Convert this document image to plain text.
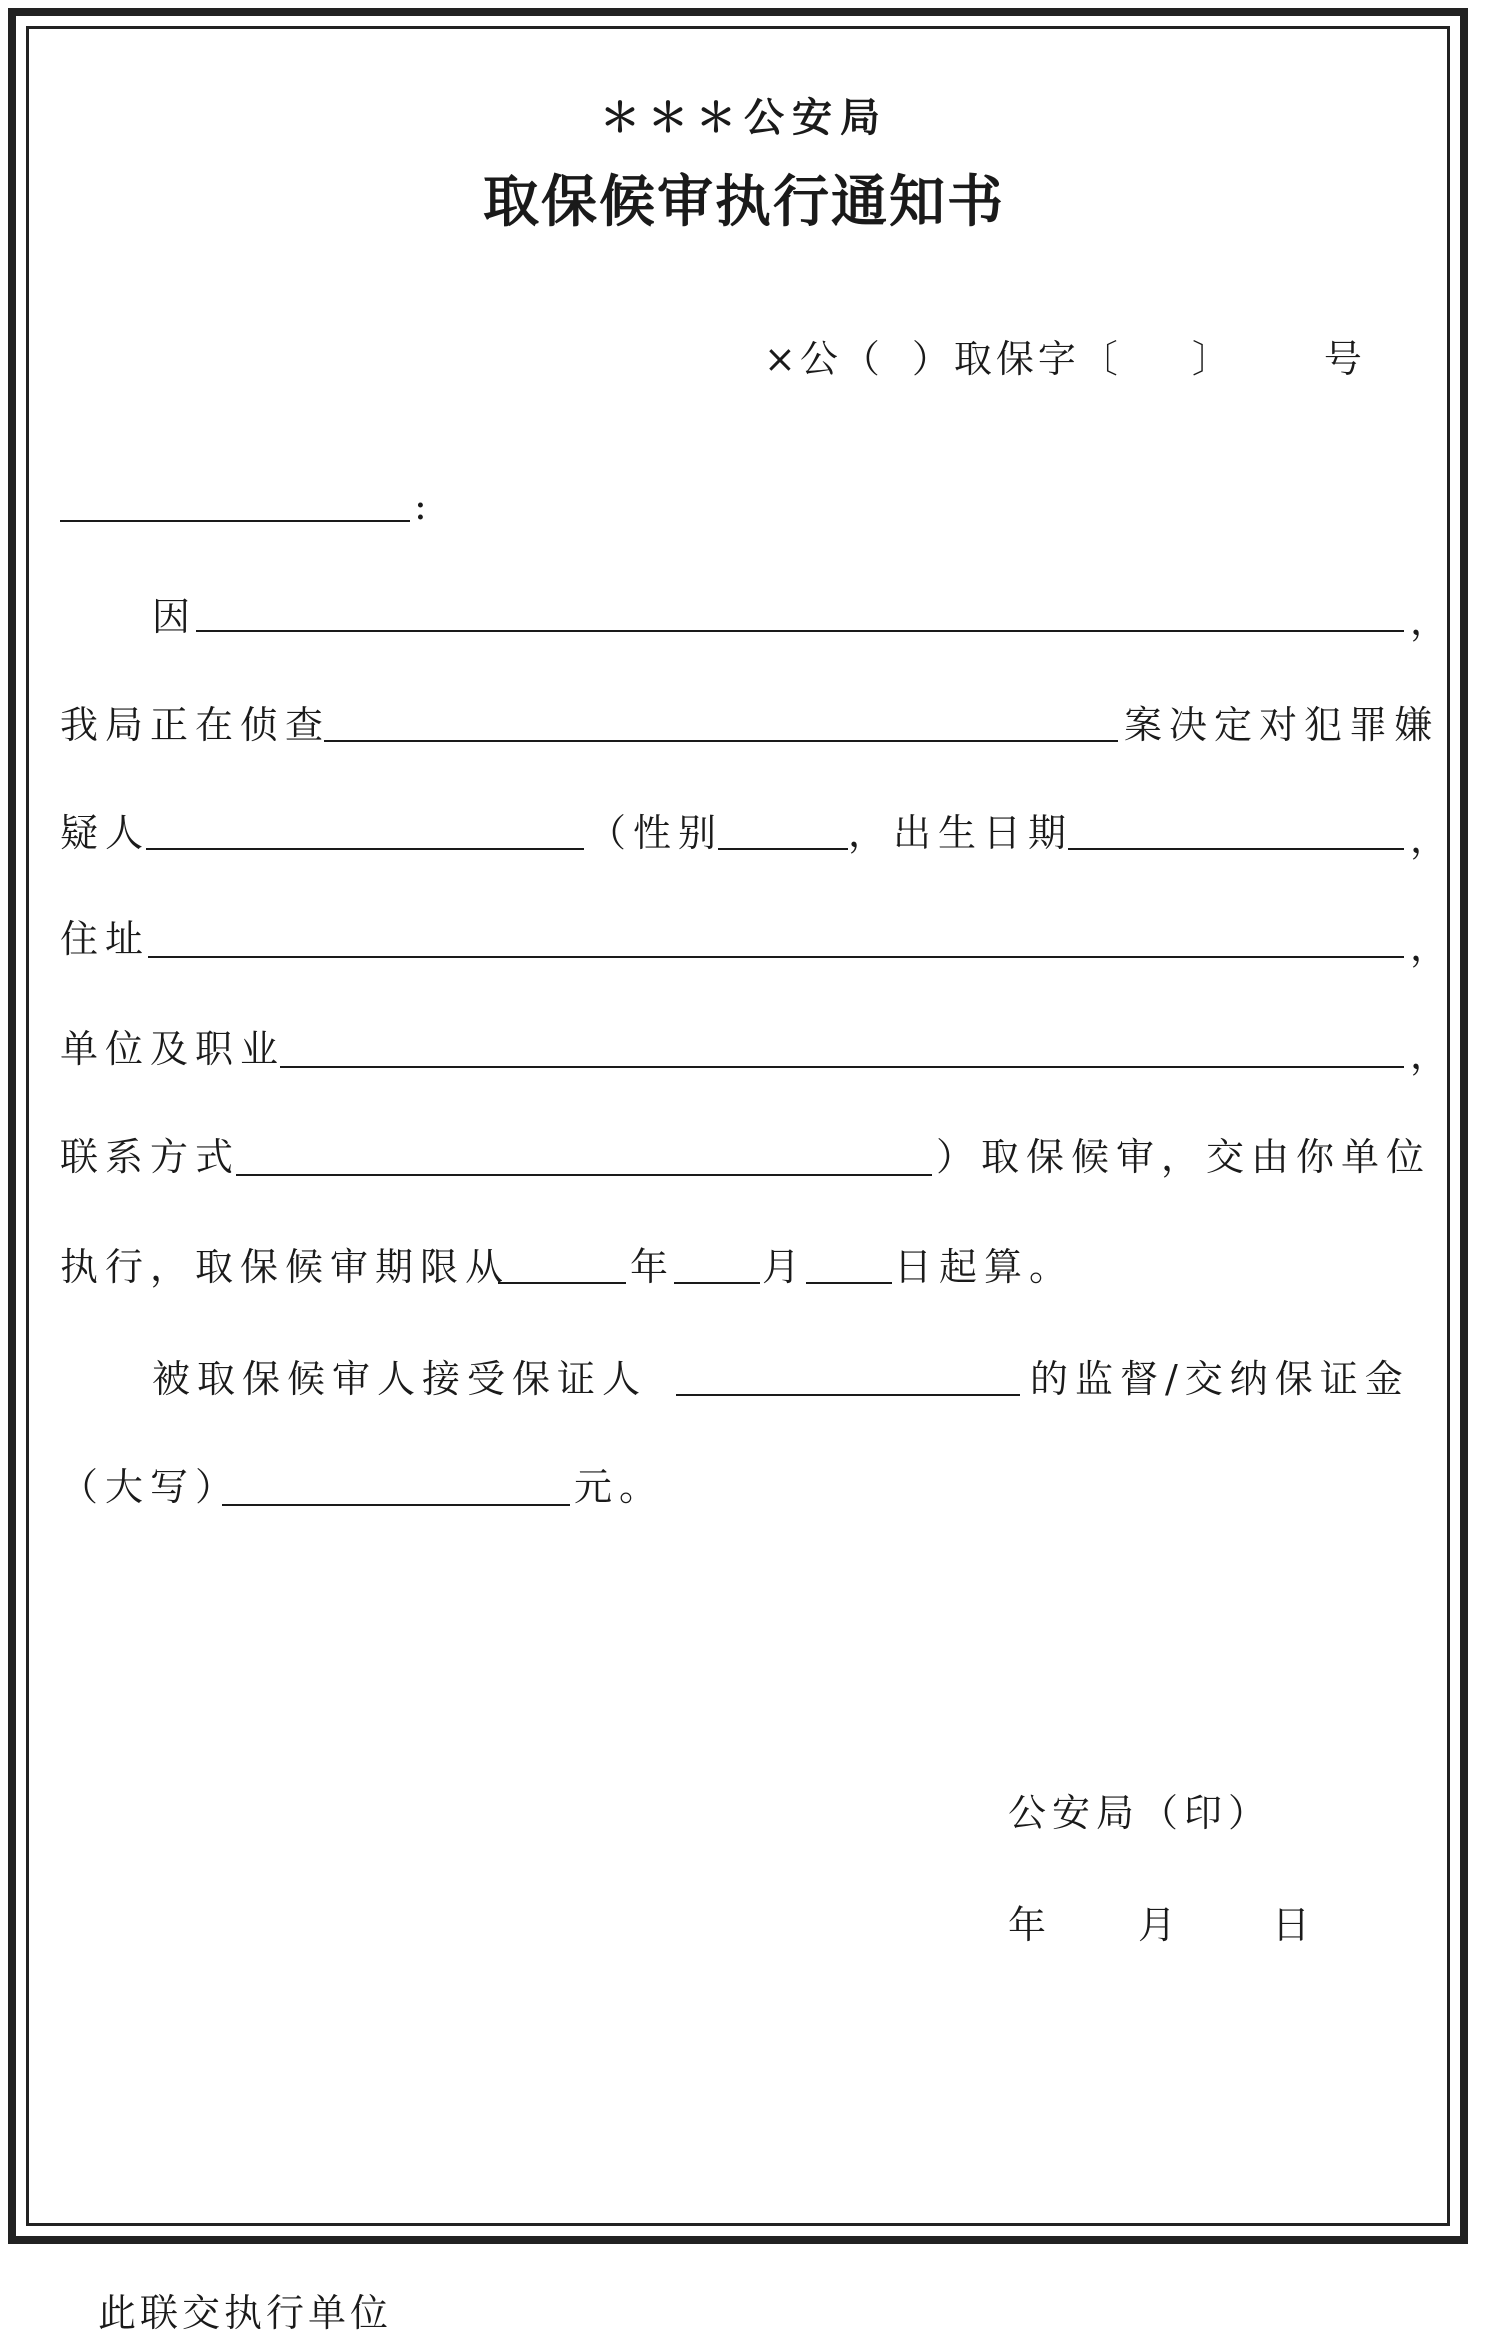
＊＊＊公安局
取保候审执行通知书
×公（ ）取保字〔 〕 号
:
因	，
我局正在侦查	案决定对犯罪嫌
疑人	（性别	，出生日期	，
住址	，
单位及职业	，
联系方式	）取保候审，交由你单位
执行，取保候审期限从	年 月 日起算。
被取保候审人接受保证人	的监督/交纳保证金
（大写）	元。
公安局（印）
年 月 日
此联交执行单位
